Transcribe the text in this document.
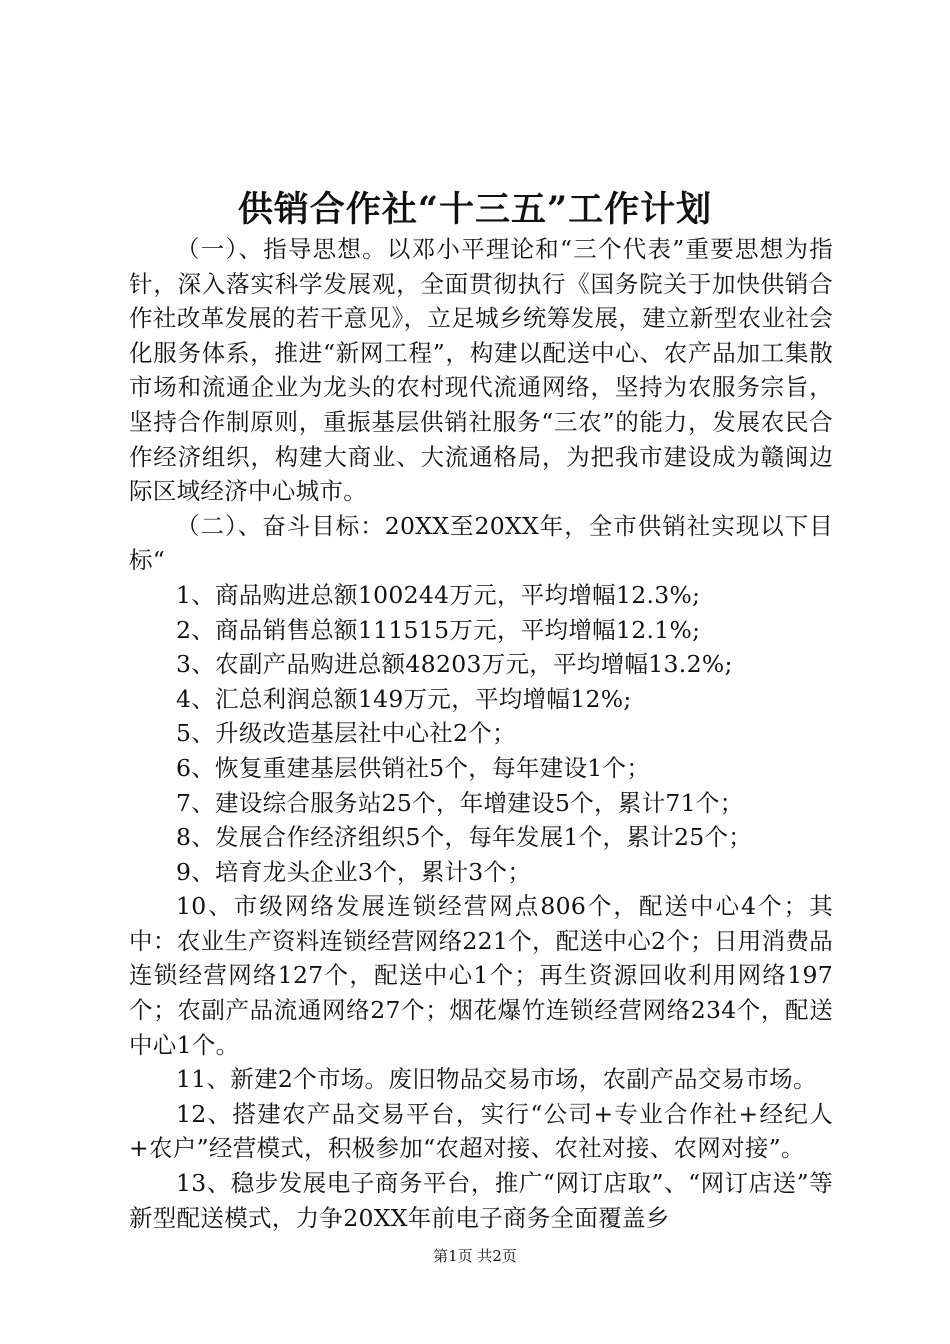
供销合作社“十三五”工作计划

（一）、指导思想。以邓小平理论和“三个代表”重要思想为指针，深入落实科学发展观，全面贯彻执行《国务院关于加快供销合作社改革发展的若干意见》，立足城乡统筹发展，建立新型农业社会化服务体系，推进“新网工程”，构建以配送中心、农产品加工集散市场和流通企业为龙头的农村现代流通网络，坚持为农服务宗旨，坚持合作制原则，重振基层供销社服务“三农”的能力，发展农民合作经济组织，构建大商业、大流通格局，为把我市建设成为赣闽边际区域经济中心城市。

（二）、奋斗目标：20XX至20XX年，全市供销社实现以下目标“

1、商品购进总额100244万元，平均增幅12.3%;

2、商品销售总额111515万元，平均增幅12.1%;

3、农副产品购进总额48203万元，平均增幅13.2%;

4、汇总利润总额149万元，平均增幅12%;

5、升级改造基层社中心社2个；

6、恢复重建基层供销社5个，每年建设1个；

7、建设综合服务站25个，年增建设5个，累计71个；

8、发展合作经济组织5个，每年发展1个，累计25个；

9、培育龙头企业3个，累计3个；

10、市级网络发展连锁经营网点806个，配送中心4个；其中：农业生产资料连锁经营网络221个，配送中心2个；日用消费品连锁经营网络127个，配送中心1个；再生资源回收利用网络197个；农副产品流通网络27个；烟花爆竹连锁经营网络234个，配送中心1个。

11、新建2个市场。废旧物品交易市场，农副产品交易市场。

12、搭建农产品交易平台，实行“公司+专业合作社+经纪人+农户”经营模式，积极参加“农超对接、农社对接、农网对接”。

13、稳步发展电子商务平台，推广“网订店取”、“网订店送”等新型配送模式，力争20XX年前电子商务全面覆盖乡

第1页 共2页
